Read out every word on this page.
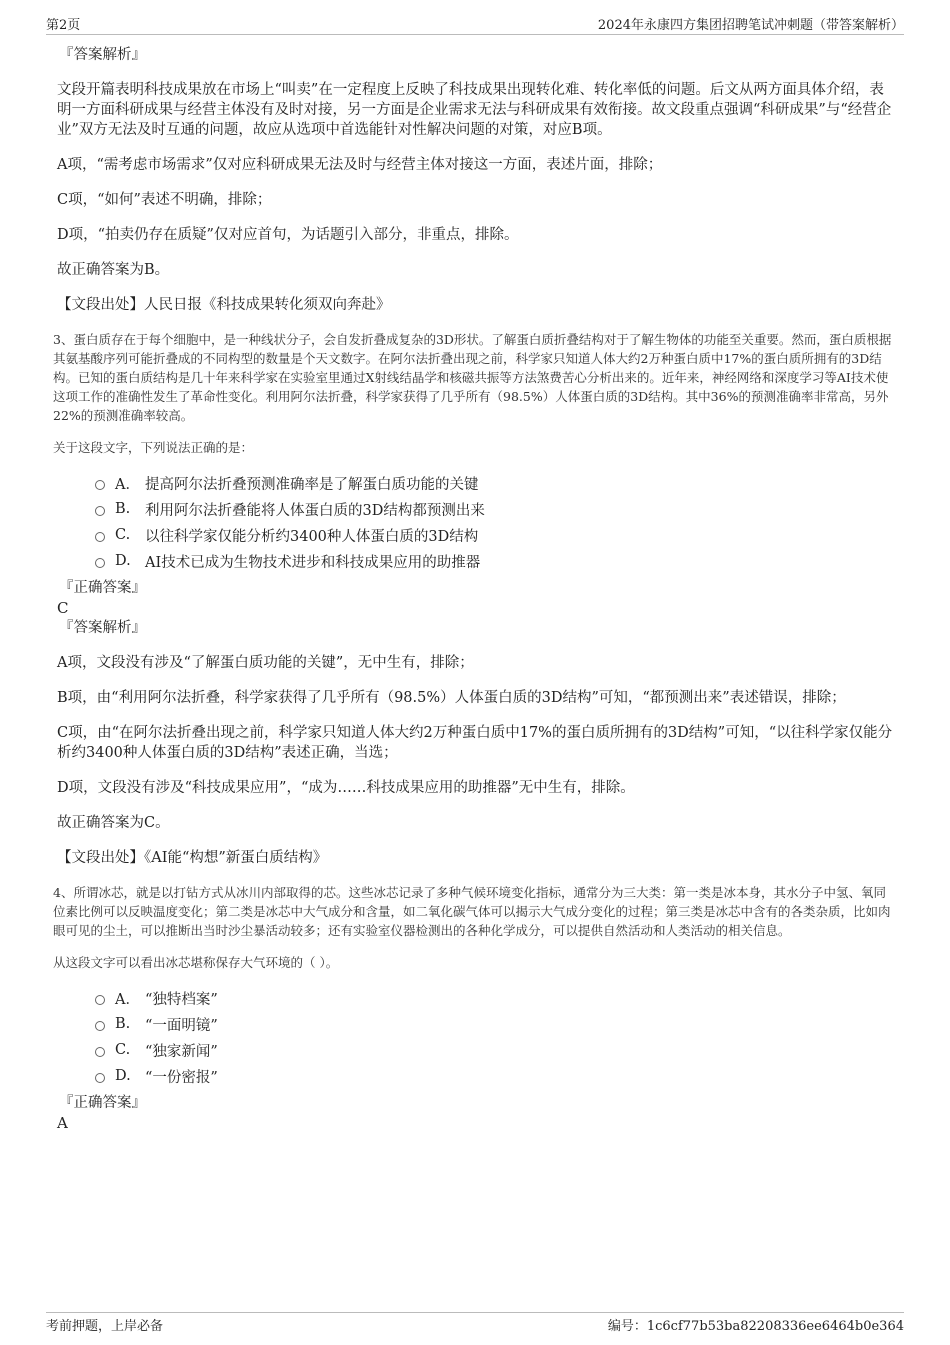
第2页	2024年永康四方集团招聘笔试冲刺题（带答案解析）

『答案解析』

文段开篇表明科技成果放在市场上“叫卖”在一定程度上反映了科技成果出现转化难、转化率低的问题。后文从两方面具体介绍，表明一方面科研成果与经营主体没有及时对接，另一方面是企业需求无法与科研成果有效衔接。故文段重点强调“科研成果”与“经营企业”双方无法及时互通的问题，故应从选项中首选能针对性解决问题的对策，对应B项。

A项，“需考虑市场需求”仅对应科研成果无法及时与经营主体对接这一方面，表述片面，排除；

C项，“如何”表述不明确，排除；

D项，“拍卖仍存在质疑”仅对应首句，为话题引入部分，非重点，排除。

故正确答案为B。

【文段出处】人民日报《科技成果转化须双向奔赴》

3、蛋白质存在于每个细胞中，是一种线状分子，会自发折叠成复杂的3D形状。了解蛋白质折叠结构对于了解生物体的功能至关重要。然而，蛋白质根据其氨基酸序列可能折叠成的不同构型的数量是个天文数字。在阿尔法折叠出现之前，科学家只知道人体大约2万种蛋白质中17%的蛋白质所拥有的3D结构。已知的蛋白质结构是几十年来科学家在实验室里通过X射线结晶学和核磁共振等方法煞费苦心分析出来的。近年来，神经网络和深度学习等AI技术使这项工作的准确性发生了革命性变化。利用阿尔法折叠，科学家获得了几乎所有（98.5%）人体蛋白质的3D结构。其中36%的预测准确率非常高，另外22%的预测准确率较高。

关于这段文字，下列说法正确的是：

A． 提高阿尔法折叠预测准确率是了解蛋白质功能的关键
B.	利用阿尔法折叠能将人体蛋白质的3D结构都预测出来
C.	以往科学家仅能分析约3400种人体蛋白质的3D结构
D. AI技术已成为生物技术进步和科技成果应用的助推器

『正确答案』

C

『答案解析』

A项，文段没有涉及“了解蛋白质功能的关键”，无中生有，排除；

B项，由“利用阿尔法折叠，科学家获得了几乎所有（98.5%）人体蛋白质的3D结构”可知，“都预测出来”表述错误，排除；

C项，由“在阿尔法折叠出现之前，科学家只知道人体大约2万种蛋白质中17%的蛋白质所拥有的3D结构”可知，“以往科学家仅能分析约3400种人体蛋白质的3D结构”表述正确，当选；

D项，文段没有涉及“科技成果应用”，“成为……科技成果应用的助推器”无中生有，排除。

故正确答案为C。

【文段出处】《AI能“构想”新蛋白质结构》

4、所谓冰芯，就是以打钻方式从冰川内部取得的芯。这些冰芯记录了多种气候环境变化指标，通常分为三大类：第一类是冰本身，其水分子中氢、氧同位素比例可以反映温度变化；第二类是冰芯中大气成分和含量，如二氧化碳气体可以揭示大气成分变化的过程；第三类是冰芯中含有的各类杂质，比如肉眼可见的尘土，可以推断出当时沙尘暴活动较多；还有实验室仪器检测出的各种化学成分，可以提供自然活动和人类活动的相关信息。

从这段文字可以看出冰芯堪称保存大气环境的（ ）。

A． “独特档案”
B.	“一面明镜”
C.	“独家新闻”
D. “一份密报”

『正确答案』

A

考前押题，上岸必备	编号：1c6cf77b53ba82208336ee6464b0e364
